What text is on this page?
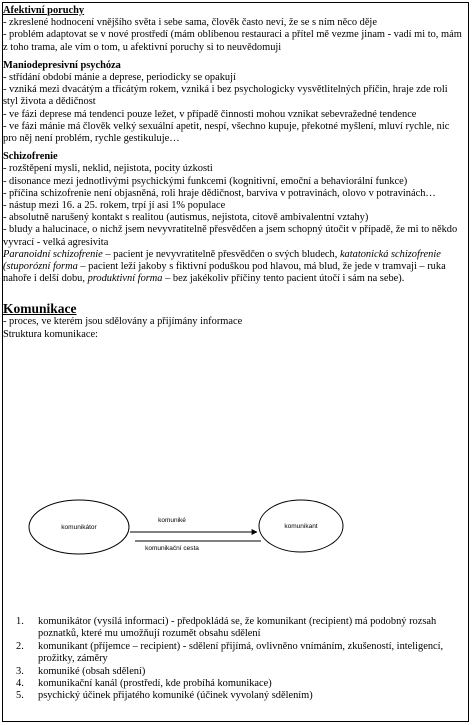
Afektivní poruchy

- zkreslené hodnocení vnějšího světa i sebe sama, člověk často neví, že se s ním něco děje

- problém adaptovat se v nové prostředí (mám oblíbenou restauraci a přítel mě vezme jinam - vadí mi to, mám z toho trama, ale vím o tom, u afektivní poruchy si to neuvědomuji

Maniodepresivní psychóza

- střídání období mánie a deprese, periodicky se opakují

- vzniká mezi dvacátým a třicátým rokem, vzniká i bez psychologicky vysvětlitelných příčin, hraje zde roli styl života a dědičnost

- ve fázi deprese má tendenci pouze ležet, v případě činnosti mohou vznikat sebevražedné tendence

- ve fázi mánie má člověk velký sexuální apetit, nespí, všechno kupuje, překotné myšlení, mluví rychle, nic pro něj není problém, rychle gestikuluje…

Schizofrenie

- rozštěpení mysli, neklid, nejistota, pocity úzkosti

- disonance mezi jednotlivými psychickými funkcemi (kognitivní, emoční a behaviorální funkce)

- příčina schizofrenie není objasněná, roli hraje dědičnost, barviva v potravinách, olovo v potravinách…

- nástup mezi 16. a 25. rokem, trpí jí asi 1% populace

- absolutně narušený kontakt s realitou (autismus, nejistota, citově ambivalentní vztahy)

- bludy a halucinace, o nichž jsem nevyvratitelně přesvědčen a jsem schopný útočit v případě, že mi to někdo vyvrací - velká agresivita

Paranoidní schizofrenie – pacient je nevyvratitelně přesvědčen o svých bludech, katatonická schizofrenie (stuporózní forma – pacient leží jakoby s fiktivní poduškou pod hlavou, má blud, že jede v tramvaji – ruka nahoře i delší dobu, produktivní forma – bez jakékoliv příčiny tento pacient útočí i sám na sebe).

Komunikace

- proces, ve kterém jsou sdělovány a přijímány informace

Struktura komunikace:

komunikátor	komunikant
komuniké
komunikační cesta
1. komunikátor (vysílá informaci) - předpokládá se, že komunikant (recipient) má podobný rozsah poznatků, které mu umožňují rozumět obsahu sdělení
2. komunikant (příjemce – recipient) - sdělení přijímá, ovlivněno vnímáním, zkušeností, inteligencí, prožitky, záměry
3. komuniké (obsah sdělení)
4. komunikační kanál (prostředí, kde probíhá komunikace)
5. psychický účinek přijatého komuniké (účinek vyvolaný sdělením)
